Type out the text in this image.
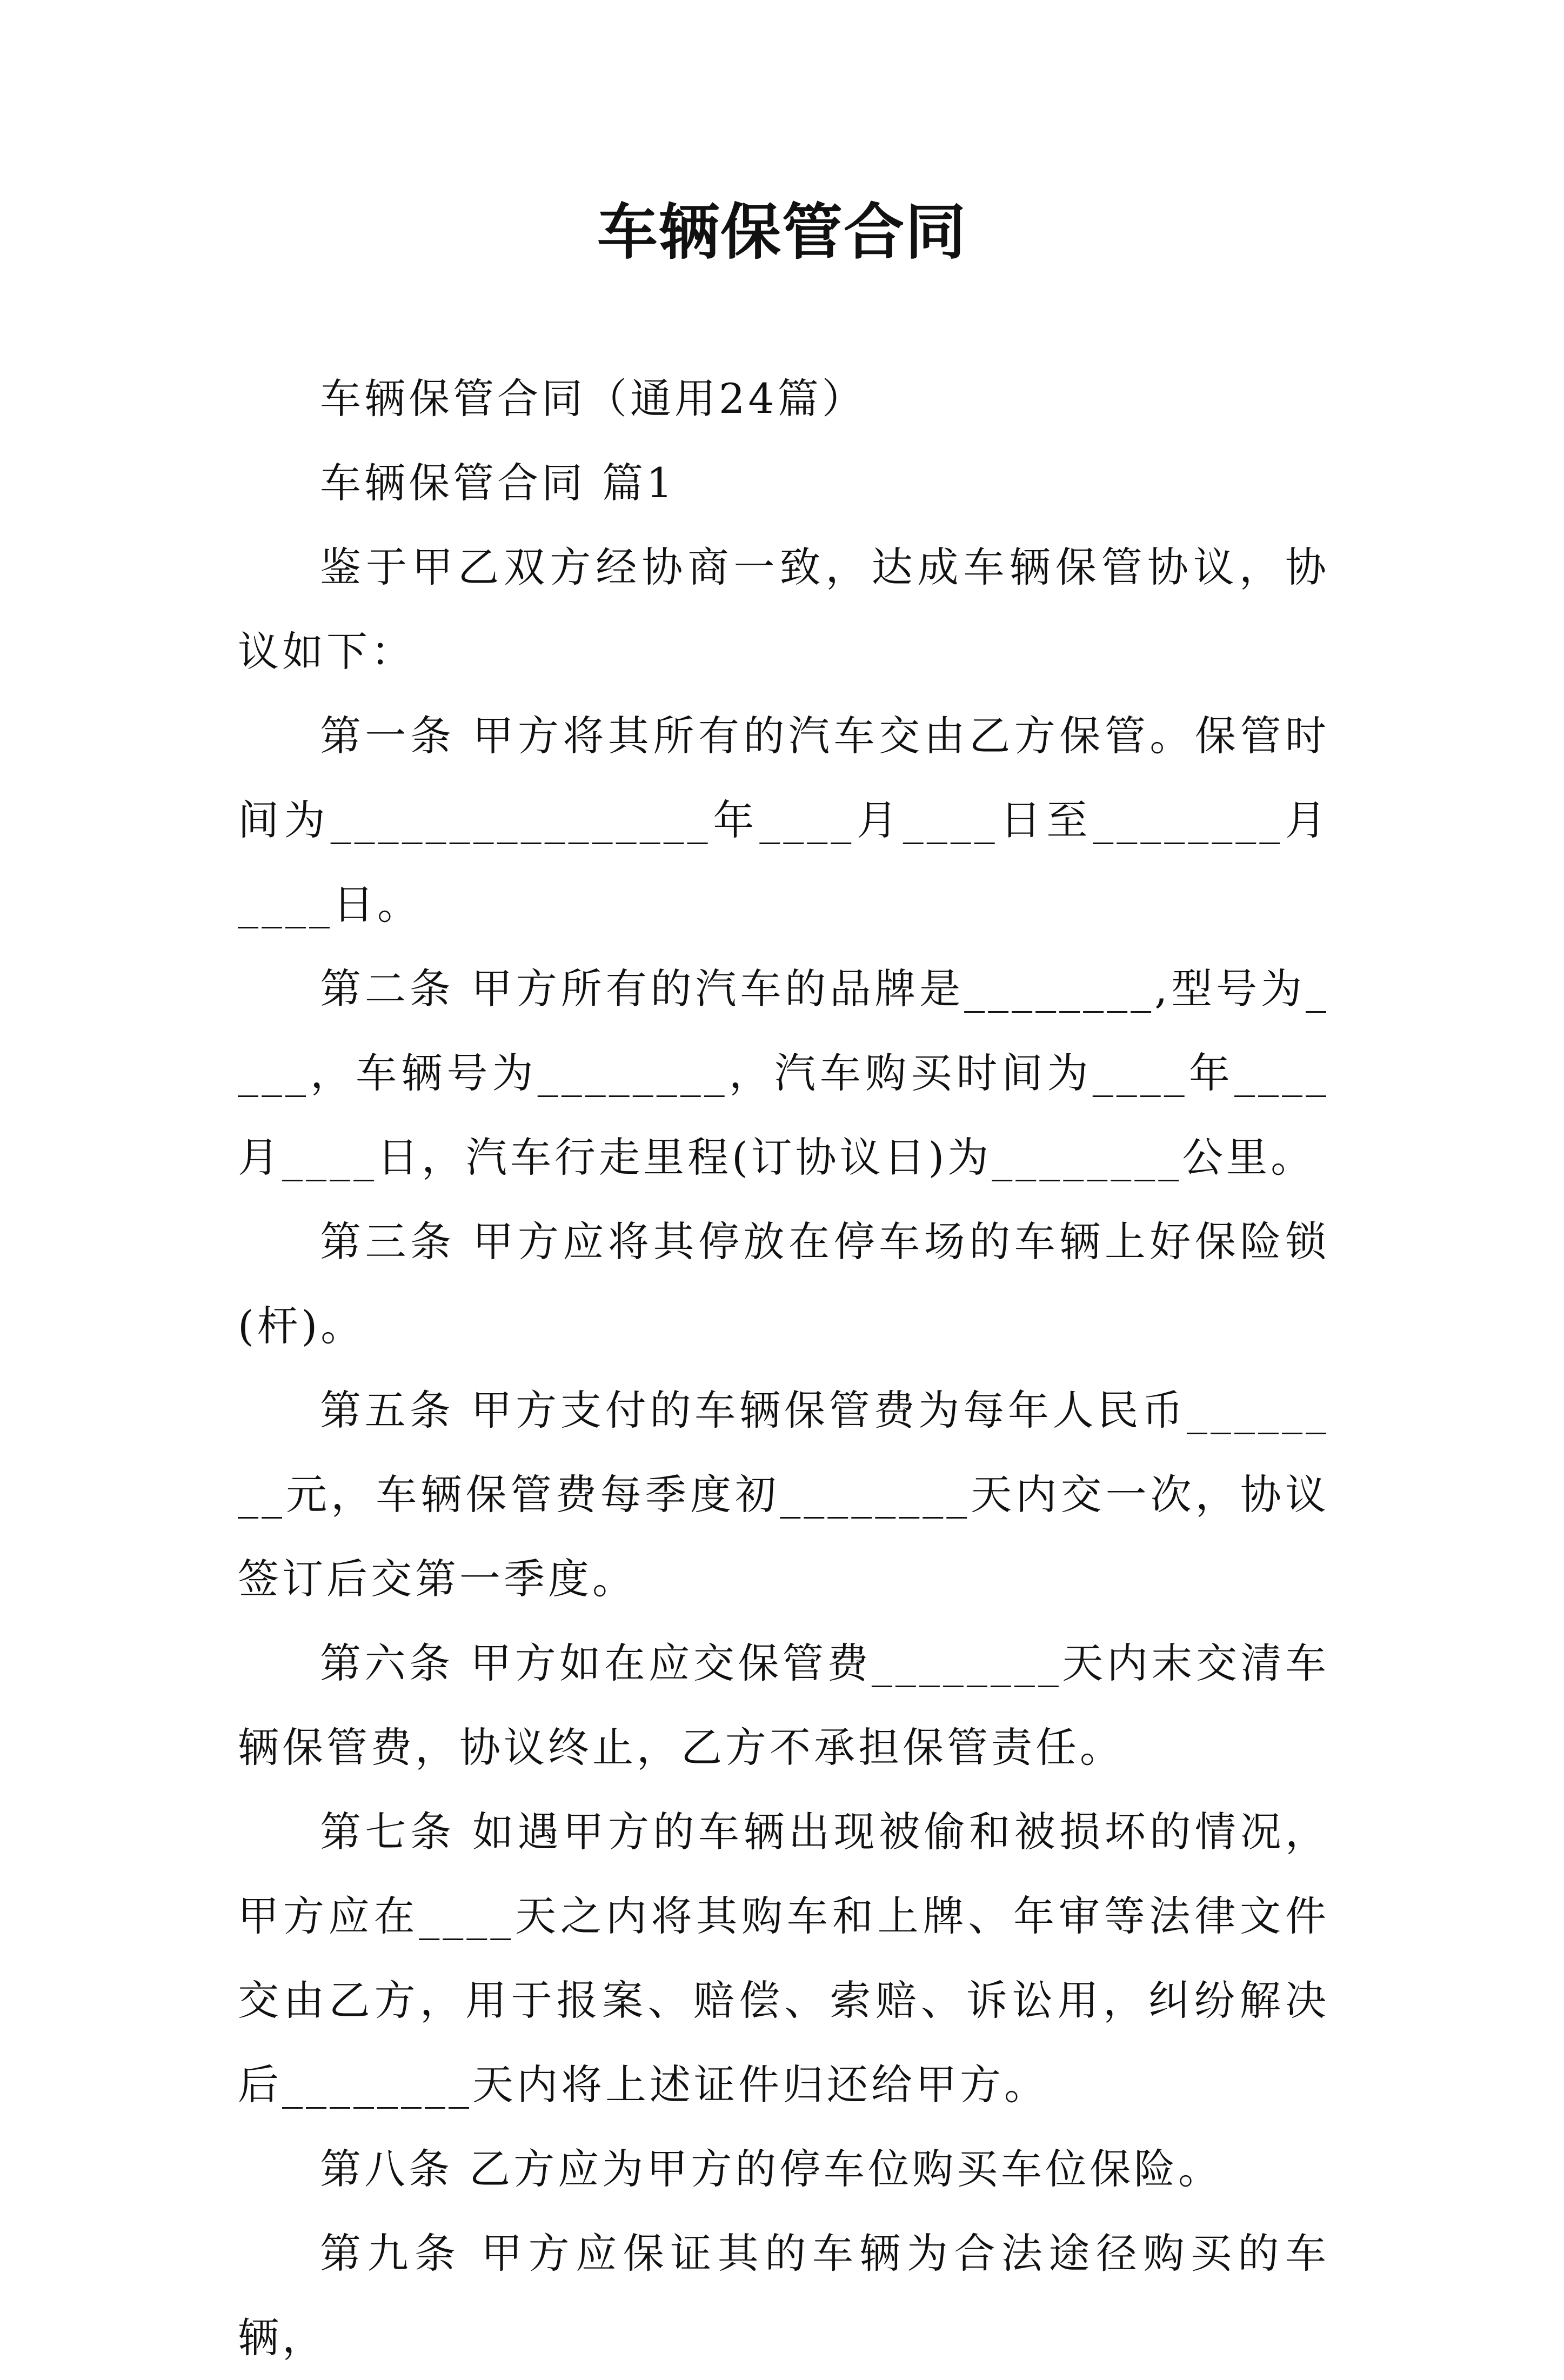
车辆保管合同

车辆保管合同（通用24篇）

车辆保管合同 篇1

鉴于甲乙双方经协商一致，达成车辆保管协议，协议如下：

第一条 甲方将其所有的汽车交由乙方保管。保管时间为________________年____月____日至________月____日。

第二条 甲方所有的汽车的品牌是________,型号为____，车辆号为________，汽车购买时间为____年____月____日，汽车行走里程(订协议日)为________公里。

第三条 甲方应将其停放在停车场的车辆上好保险锁(杆)。

第五条 甲方支付的车辆保管费为每年人民币________元，车辆保管费每季度初________天内交一次，协议签订后交第一季度。

第六条 甲方如在应交保管费________天内末交清车辆保管费，协议终止，乙方不承担保管责任。

第七条 如遇甲方的车辆出现被偷和被损坏的情况，甲方应在____天之内将其购车和上牌、年审等法律文件交由乙方，用于报案、赔偿、索赔、诉讼用，纠纷解决后________天内将上述证件归还给甲方。

第八条 乙方应为甲方的停车位购买车位保险。

第九条 甲方应保证其的车辆为合法途径购买的车辆，
